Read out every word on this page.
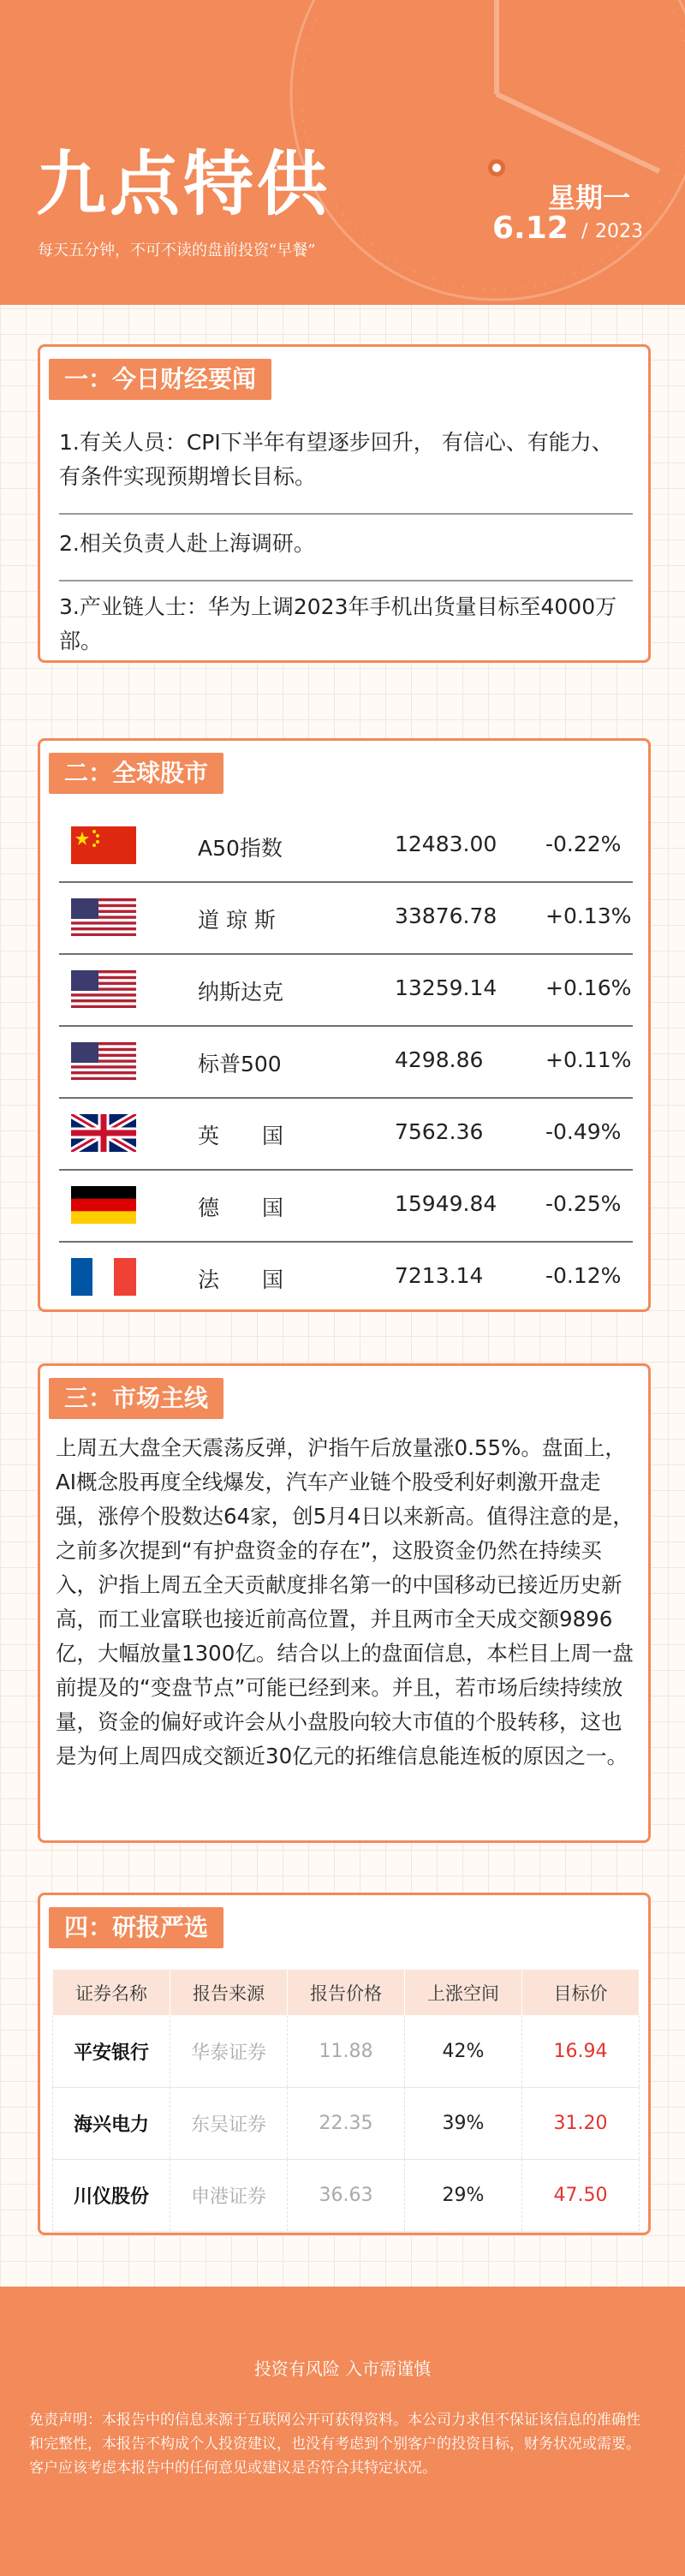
九点特供
每天五分钟，不可不读的盘前投资“早餐”
星期一
6.12 / 2023
一：今日财经要闻
1.有关人员：CPI下半年有望逐步回升， 有信心、有能力、有条件实现预期增长目标。
2.相关负责人赴上海调研。
3.产业链人士：华为上调2023年手机出货量目标至4000万部。
二：全球股市
A50指数	12483.00 -0.22%
道 琼 斯	33876.78 +0.13%
纳斯达克	13259.14 +0.16%
标普500	4298.86	+0.11%
英　　国	7562.36	-0.49%
德　　国	15949.84 -0.25%
法　　国	7213.14	-0.12%
三：市场主线
上周五大盘全天震荡反弹，沪指午后放量涨0.55%。盘面上，AI概念股再度全线爆发，汽车产业链个股受利好刺激开盘走强，涨停个股数达64家，创5月4日以来新高。值得注意的是，之前多次提到“有护盘资金的存在”，这股资金仍然在持续买入，沪指上周五全天贡献度排名第一的中国移动已接近历史新高，而工业富联也接近前高位置，并且两市全天成交额9896亿，大幅放量1300亿。结合以上的盘面信息，本栏目上周一盘前提及的“变盘节点”可能已经到来。并且，若市场后续持续放量，资金的偏好或许会从小盘股向较大市值的个股转移，这也是为何上周四成交额近30亿元的拓维信息能连板的原因之一。
四：研报严选
证券名称	报告来源	报告价格	上涨空间	目标价
平安银行	华泰证券	11.88	42%	16.94
海兴电力	东吴证券	22.35	39%	31.20
川仪股份	申港证券	36.63	29%	47.50
投资有风险 入市需谨慎
免责声明：本报告中的信息来源于互联网公开可获得资料。本公司力求但不保证该信息的准确性和完整性，本报告不构成个人投资建议，也没有考虑到个别客户的投资目标，财务状况或需要。客户应该考虑本报告中的任何意见或建议是否符合其特定状况。
